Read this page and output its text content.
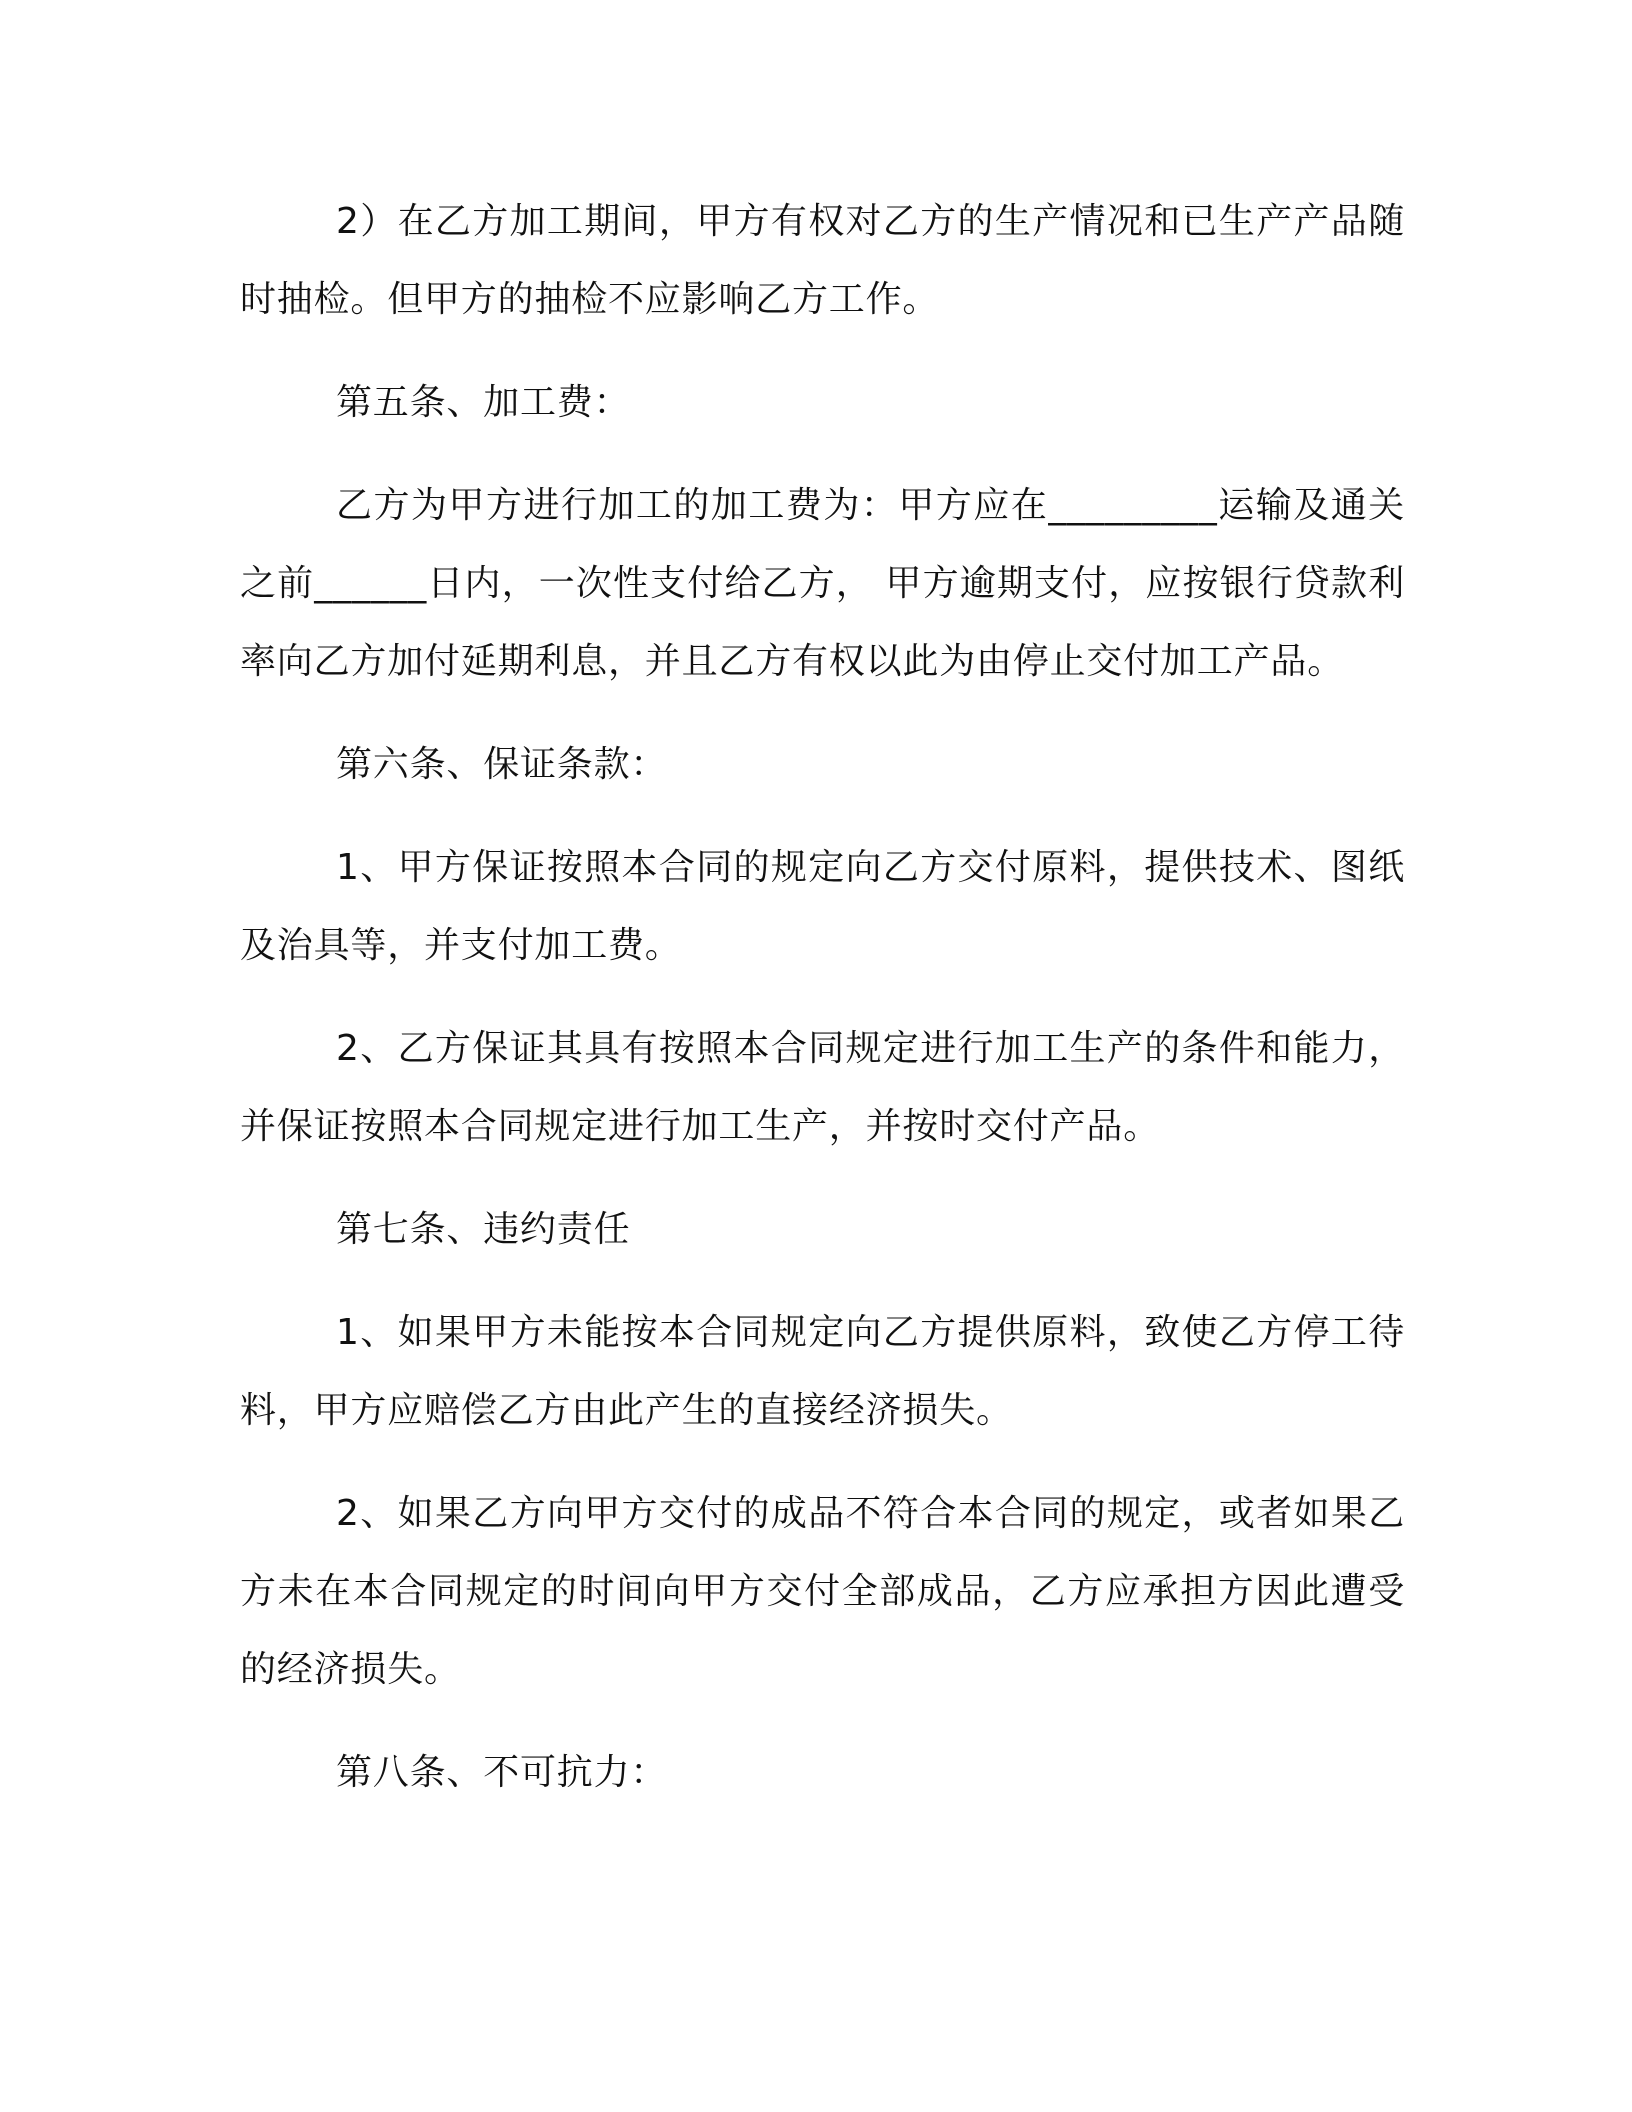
2）在乙方加工期间，甲方有权对乙方的生产情况和已生产产品随时抽检。但甲方的抽检不应影响乙方工作。

第五条、加工费：

乙方为甲方进行加工的加工费为：甲方应在_________运输及通关之前______日内，一次性支付给乙方， 甲方逾期支付，应按银行贷款利率向乙方加付延期利息，并且乙方有权以此为由停止交付加工产品。

第六条、保证条款：

1、甲方保证按照本合同的规定向乙方交付原料，提供技术、图纸及治具等，并支付加工费。

2、乙方保证其具有按照本合同规定进行加工生产的条件和能力，并保证按照本合同规定进行加工生产，并按时交付产品。

第七条、违约责任

1、如果甲方未能按本合同规定向乙方提供原料，致使乙方停工待料，甲方应赔偿乙方由此产生的直接经济损失。

2、如果乙方向甲方交付的成品不符合本合同的规定，或者如果乙方未在本合同规定的时间向甲方交付全部成品，乙方应承担方因此遭受的经济损失。

第八条、不可抗力：
